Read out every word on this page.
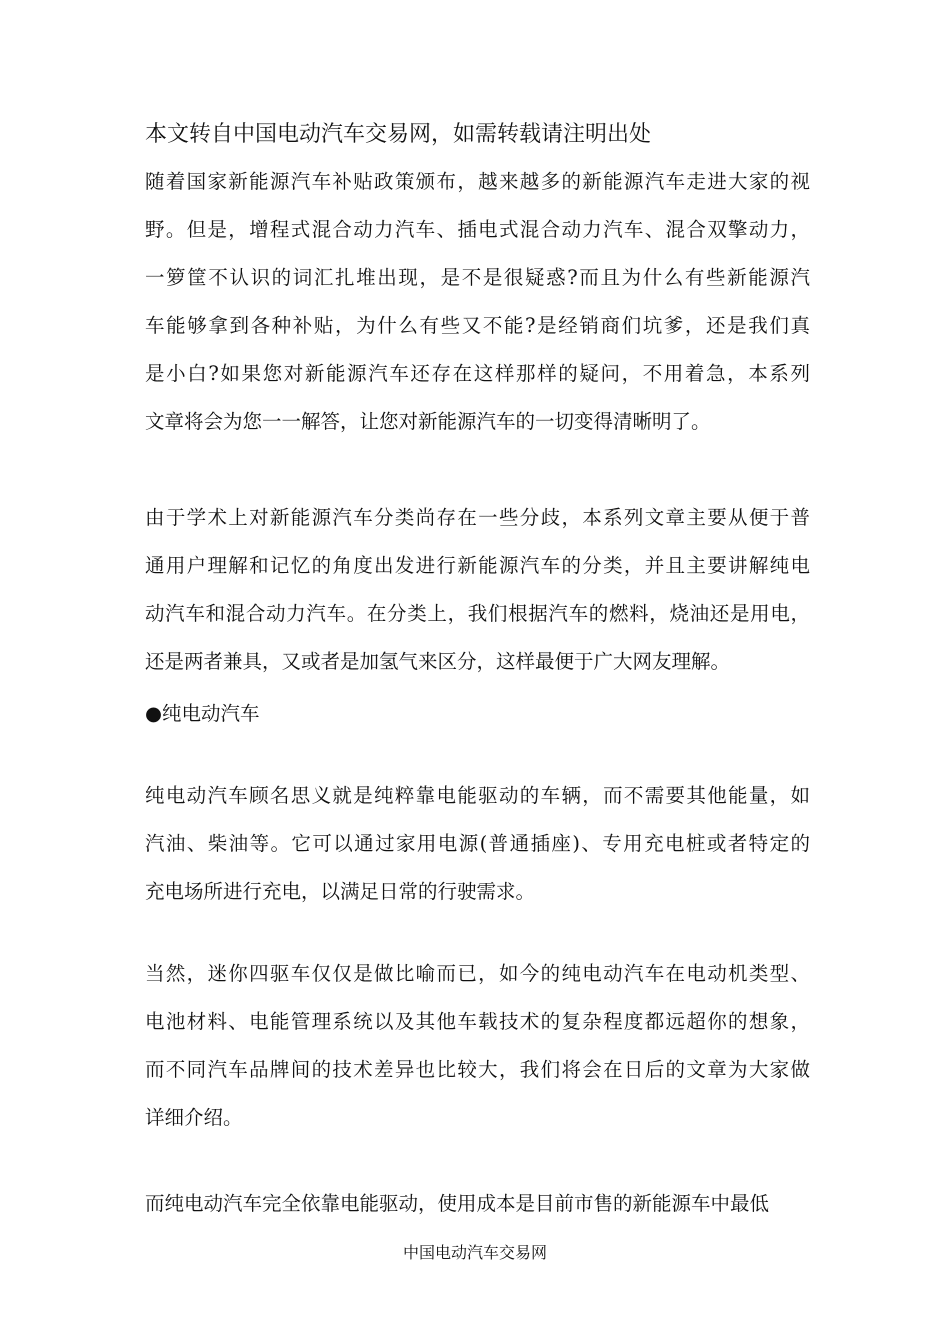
本文转自中国电动汽车交易网，如需转载请注明出处

随着国家新能源汽车补贴政策颁布，越来越多的新能源汽车走进大家的视
野。但是，增程式混合动力汽车、插电式混合动力汽车、混合双擎动力，
一箩筐不认识的词汇扎堆出现，是不是很疑惑?而且为什么有些新能源汽
车能够拿到各种补贴，为什么有些又不能?是经销商们坑爹，还是我们真
是小白?如果您对新能源汽车还存在这样那样的疑问，不用着急，本系列
文章将会为您一一解答，让您对新能源汽车的一切变得清晰明了。

由于学术上对新能源汽车分类尚存在一些分歧，本系列文章主要从便于普
通用户理解和记忆的角度出发进行新能源汽车的分类，并且主要讲解纯电
动汽车和混合动力汽车。在分类上，我们根据汽车的燃料，烧油还是用电，
还是两者兼具，又或者是加氢气来区分，这样最便于广大网友理解。

●纯电动汽车

纯电动汽车顾名思义就是纯粹靠电能驱动的车辆，而不需要其他能量，如
汽油、柴油等。它可以通过家用电源(普通插座)、专用充电桩或者特定的
充电场所进行充电，以满足日常的行驶需求。

当然，迷你四驱车仅仅是做比喻而已，如今的纯电动汽车在电动机类型、
电池材料、电能管理系统以及其他车载技术的复杂程度都远超你的想象，
而不同汽车品牌间的技术差异也比较大，我们将会在日后的文章为大家做
详细介绍。

而纯电动汽车完全依靠电能驱动，使用成本是目前市售的新能源车中最低

中国电动汽车交易网
